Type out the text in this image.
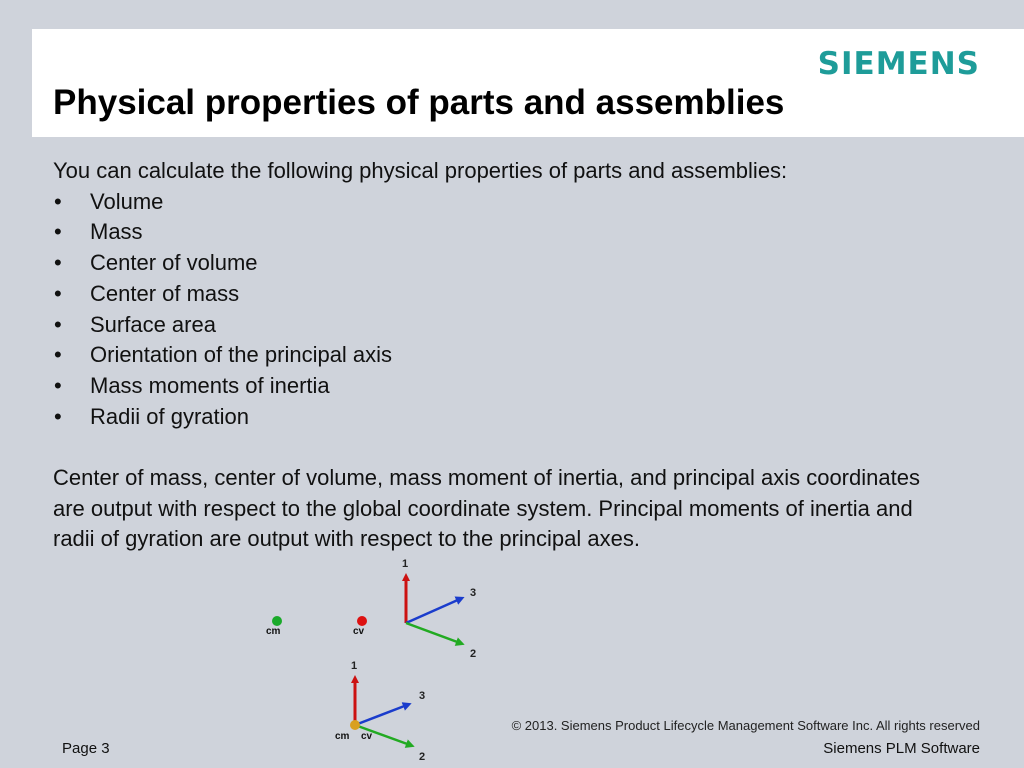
SIEMENS
Physical properties of parts and assemblies

You can calculate the following physical properties of parts and assemblies:

• Volume
• Mass
• Center of volume
• Center of mass
• Surface area
• Orientation of the principal axis
• Mass moments of inertia
• Radii of gyration

Center of mass, center of volume, mass moment of inertia, and principal axis coordinates are output with respect to the global coordinate system. Principal moments of inertia and radii of gyration are output with respect to the principal axes.

1
3
2
cm	cv
1
3
2
cm cv
© 2013. Siemens Product Lifecycle Management Software Inc. All rights reserved
Page 3	Siemens PLM Software
